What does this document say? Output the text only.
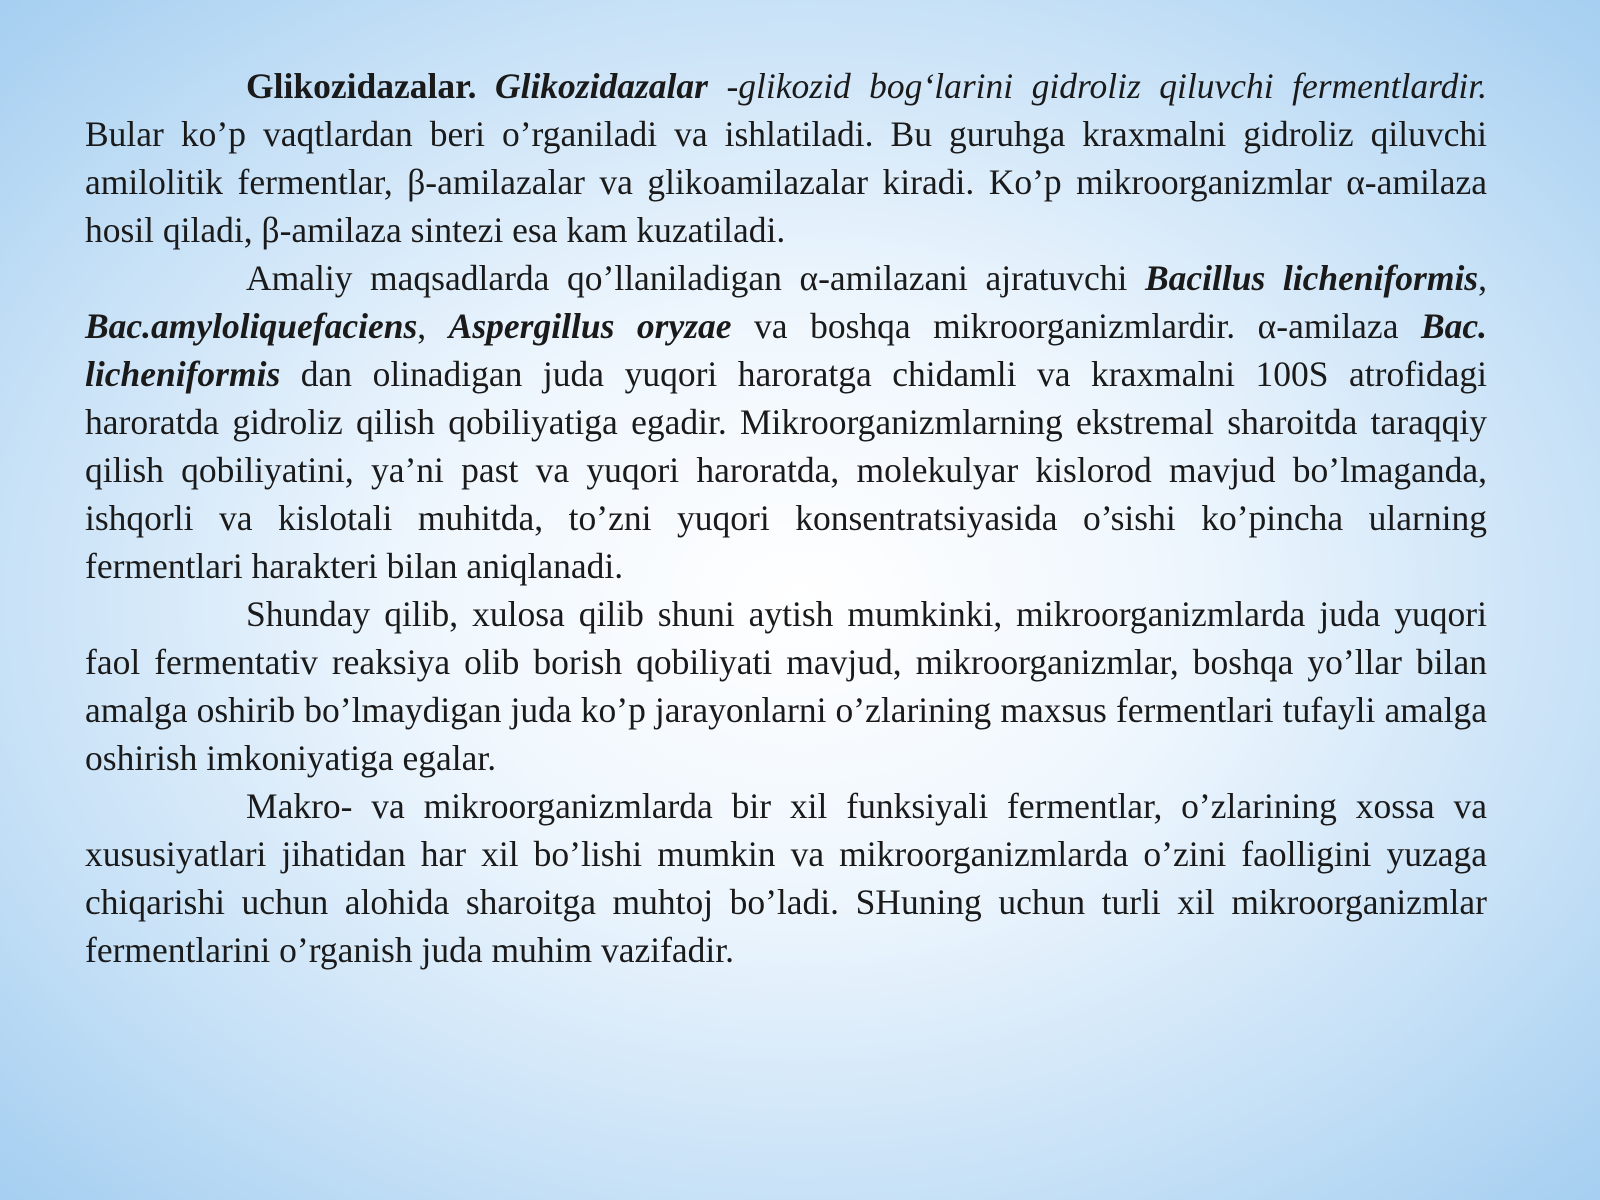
Glikozidazalar. Glikozidazalar -glikozid bog‘larini gidroliz qiluvchi fermentlardir. Bular ko’p vaqtlardan beri o’rganiladi va ishlatiladi. Bu guruhga kraxmalni gidroliz qiluvchi amilolitik fermentlar, β-amilazalar va glikoamilazalar kiradi. Ko’p mikroorganizmlar α-amilaza hosil qiladi, β-amilaza sintezi esa kam kuzatiladi.

Amaliy maqsadlarda qo’llaniladigan α-amilazani ajratuvchi Bacillus licheniformis, Bac.amyloliquefaciens, Aspergillus oryzae va boshqa mikroorganizmlardir. α-amilaza Bac. licheniformis dan olinadigan juda yuqori haroratga chidamli va kraxmalni 100S atrofidagi haroratda gidroliz qilish qobiliyatiga egadir. Mikroorganizmlarning ekstremal sharoitda taraqqiy qilish qobiliyatini, ya’ni past va yuqori haroratda, molekulyar kislorod mavjud bo’lmaganda, ishqorli va kislotali muhitda, to’zni yuqori konsentratsiyasida o’sishi ko’pincha ularning fermentlari harakteri bilan aniqlanadi.

Shunday qilib, xulosa qilib shuni aytish mumkinki, mikroorganizmlarda juda yuqori faol fermentativ reaksiya olib borish qobiliyati mavjud, mikroorganizmlar, boshqa yo’llar bilan amalga oshirib bo’lmaydigan juda ko’p jarayonlarni o’zlarining maxsus fermentlari tufayli amalga oshirish imkoniyatiga egalar.

Makro- va mikroorganizmlarda bir xil funksiyali fermentlar, o’zlarining xossa va xususiyatlari jihatidan har xil bo’lishi mumkin va mikroorganizmlarda o’zini faolligini yuzaga chiqarishi uchun alohida sharoitga muhtoj bo’ladi. SHuning uchun turli xil mikroorganizmlar fermentlarini o’rganish juda muhim vazifadir.
